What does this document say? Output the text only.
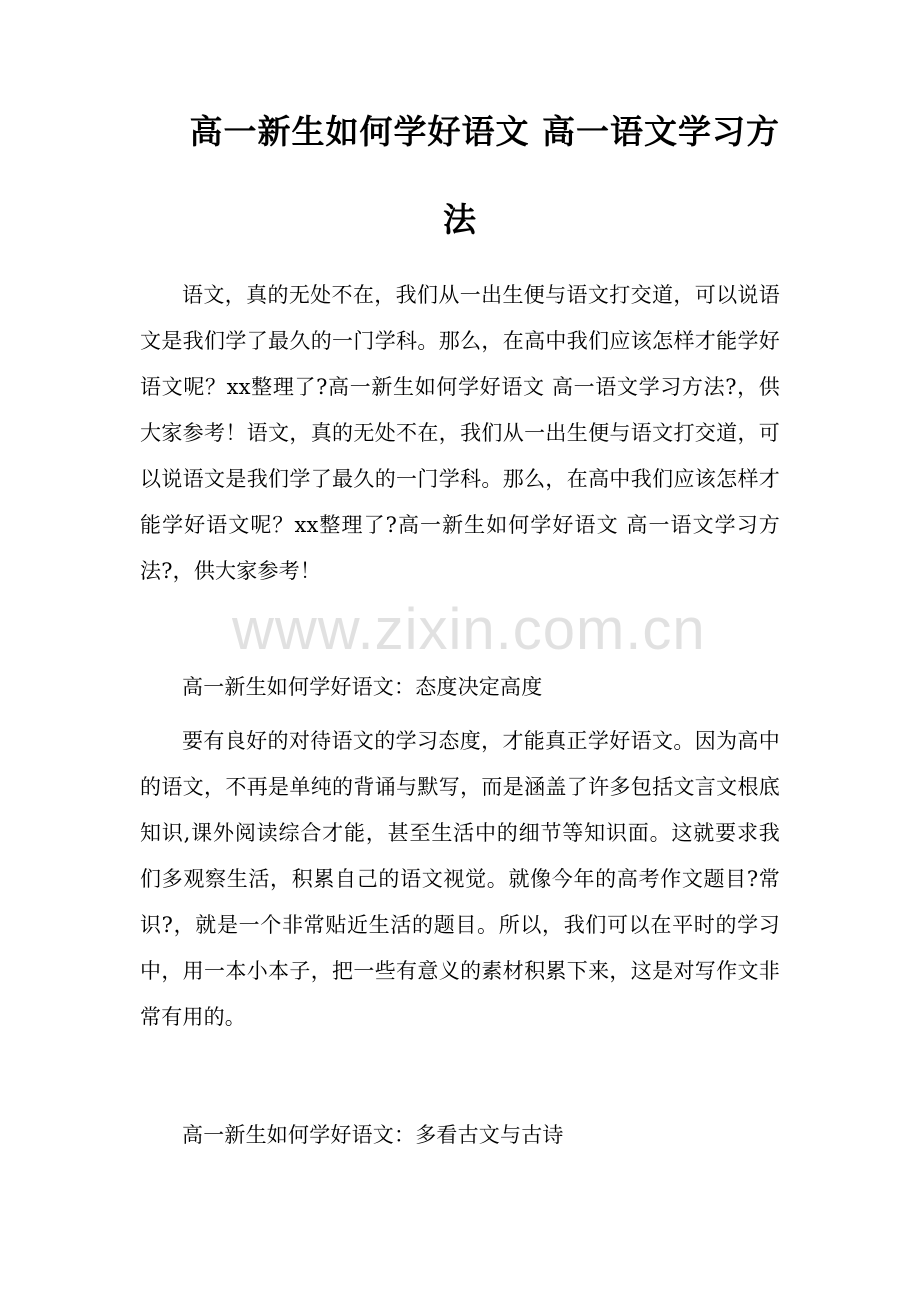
高一新生如何学好语文 高一语文学习方
法

语文，真的无处不在，我们从一出生便与语文打交道，可以说语文是我们学了最久的一门学科。那么，在高中我们应该怎样才能学好语文呢？xx整理了?高一新生如何学好语文 高一语文学习方法?，供大家参考！语文，真的无处不在，我们从一出生便与语文打交道，可以说语文是我们学了最久的一门学科。那么，在高中我们应该怎样才能学好语文呢？xx整理了?高一新生如何学好语文 高一语文学习方法?，供大家参考！

高一新生如何学好语文：态度决定高度

要有良好的对待语文的学习态度，才能真正学好语文。因为高中的语文，不再是单纯的背诵与默写，而是涵盖了许多包括文言文根底知识,课外阅读综合才能，甚至生活中的细节等知识面。这就要求我们多观察生活，积累自己的语文视觉。就像今年的高考作文题目?常识?，就是一个非常贴近生活的题目。所以，我们可以在平时的学习中，用一本小本子，把一些有意义的素材积累下来，这是对写作文非常有用的。

高一新生如何学好语文：多看古文与古诗

www.zixin.com.cn
